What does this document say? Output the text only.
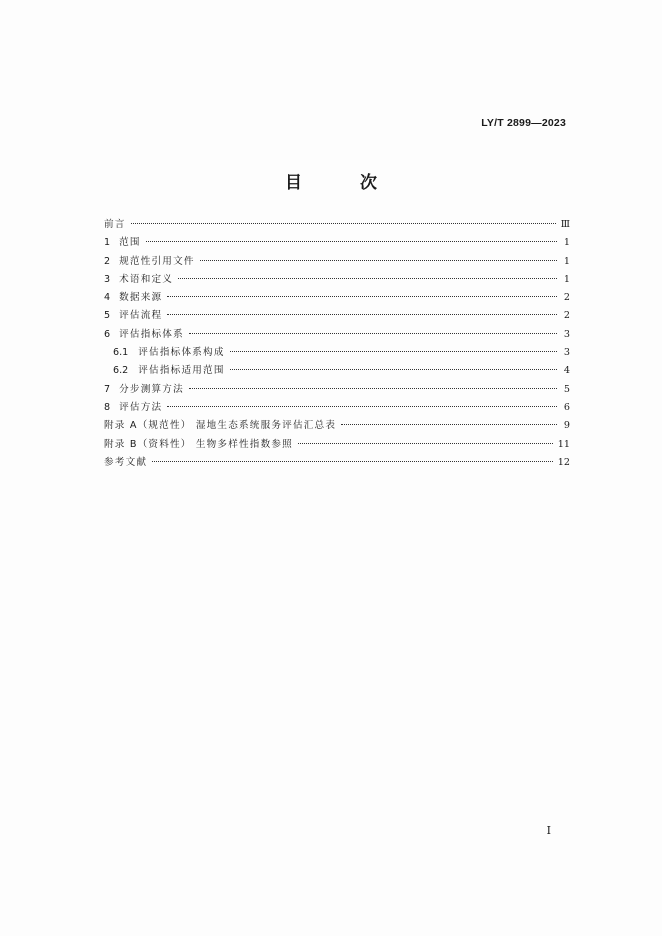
LY/T 2899—2023
目 次
前言	Ⅲ
1 范围	1
2 规范性引用文件	1
3 术语和定义	1
4 数据来源	2
5 评估流程	2
6 评估指标体系	3
6.1 评估指标体系构成	3
6.2 评估指标适用范围	4
7 分步测算方法	5
8 评估方法	6
附录 A（规范性） 湿地生态系统服务评估汇总表	9
附录 B（资料性） 生物多样性指数参照	11
参考文献	12
I
